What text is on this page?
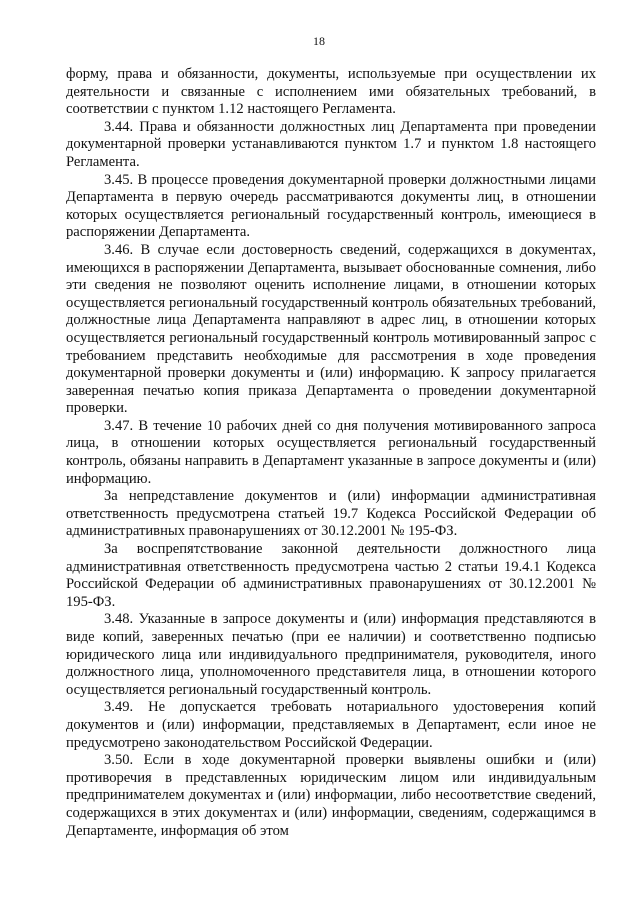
18

форму, права и обязанности, документы, используемые при осуществлении их деятельности и связанные с исполнением ими обязательных требований, в соответствии с пунктом 1.12 настоящего Регламента.

3.44. Права и обязанности должностных лиц Департамента при проведении документарной проверки устанавливаются пунктом 1.7 и пунктом 1.8 настоящего Регламента.

3.45. В процессе проведения документарной проверки должностными лицами Департамента в первую очередь рассматриваются документы лиц, в отношении которых осуществляется региональный государственный контроль, имеющиеся в распоряжении Департамента.

3.46. В случае если достоверность сведений, содержащихся в документах, имеющихся в распоряжении Департамента, вызывает обоснованные сомнения, либо эти сведения не позволяют оценить исполнение лицами, в отношении которых осуществляется региональный государственный контроль обязательных требований, должностные лица Департамента направляют в адрес лиц, в отношении которых осуществляется региональный государственный контроль мотивированный запрос с требованием представить необходимые для рассмотрения в ходе проведения документарной проверки документы и (или) информацию. К запросу прилагается заверенная печатью копия приказа Департамента о проведении документарной проверки.

3.47. В течение 10 рабочих дней со дня получения мотивированного запроса лица, в отношении которых осуществляется региональный государственный контроль, обязаны направить в Департамент указанные в запросе документы и (или) информацию.

За непредставление документов и (или) информации административная ответственность предусмотрена статьей 19.7 Кодекса Российской Федерации об административных правонарушениях от 30.12.2001 № 195-ФЗ.

За воспрепятствование законной деятельности должностного лица административная ответственность предусмотрена частью 2 статьи 19.4.1 Кодекса Российской Федерации об административных правонарушениях от 30.12.2001 № 195-ФЗ.

3.48. Указанные в запросе документы и (или) информация представляются в виде копий, заверенных печатью (при ее наличии) и соответственно подписью юридического лица или индивидуального предпринимателя, руководителя, иного должностного лица, уполномоченного представителя лица, в отношении которого осуществляется региональный государственный контроль.

3.49. Не допускается требовать нотариального удостоверения копий документов и (или) информации, представляемых в Департамент, если иное не предусмотрено законодательством Российской Федерации.

3.50. Если в ходе документарной проверки выявлены ошибки и (или) противоречия в представленных юридическим лицом или индивидуальным предпринимателем документах и (или) информации, либо несоответствие сведений, содержащихся в этих документах и (или) информации, сведениям, содержащимся в Департаменте, информация об этом
